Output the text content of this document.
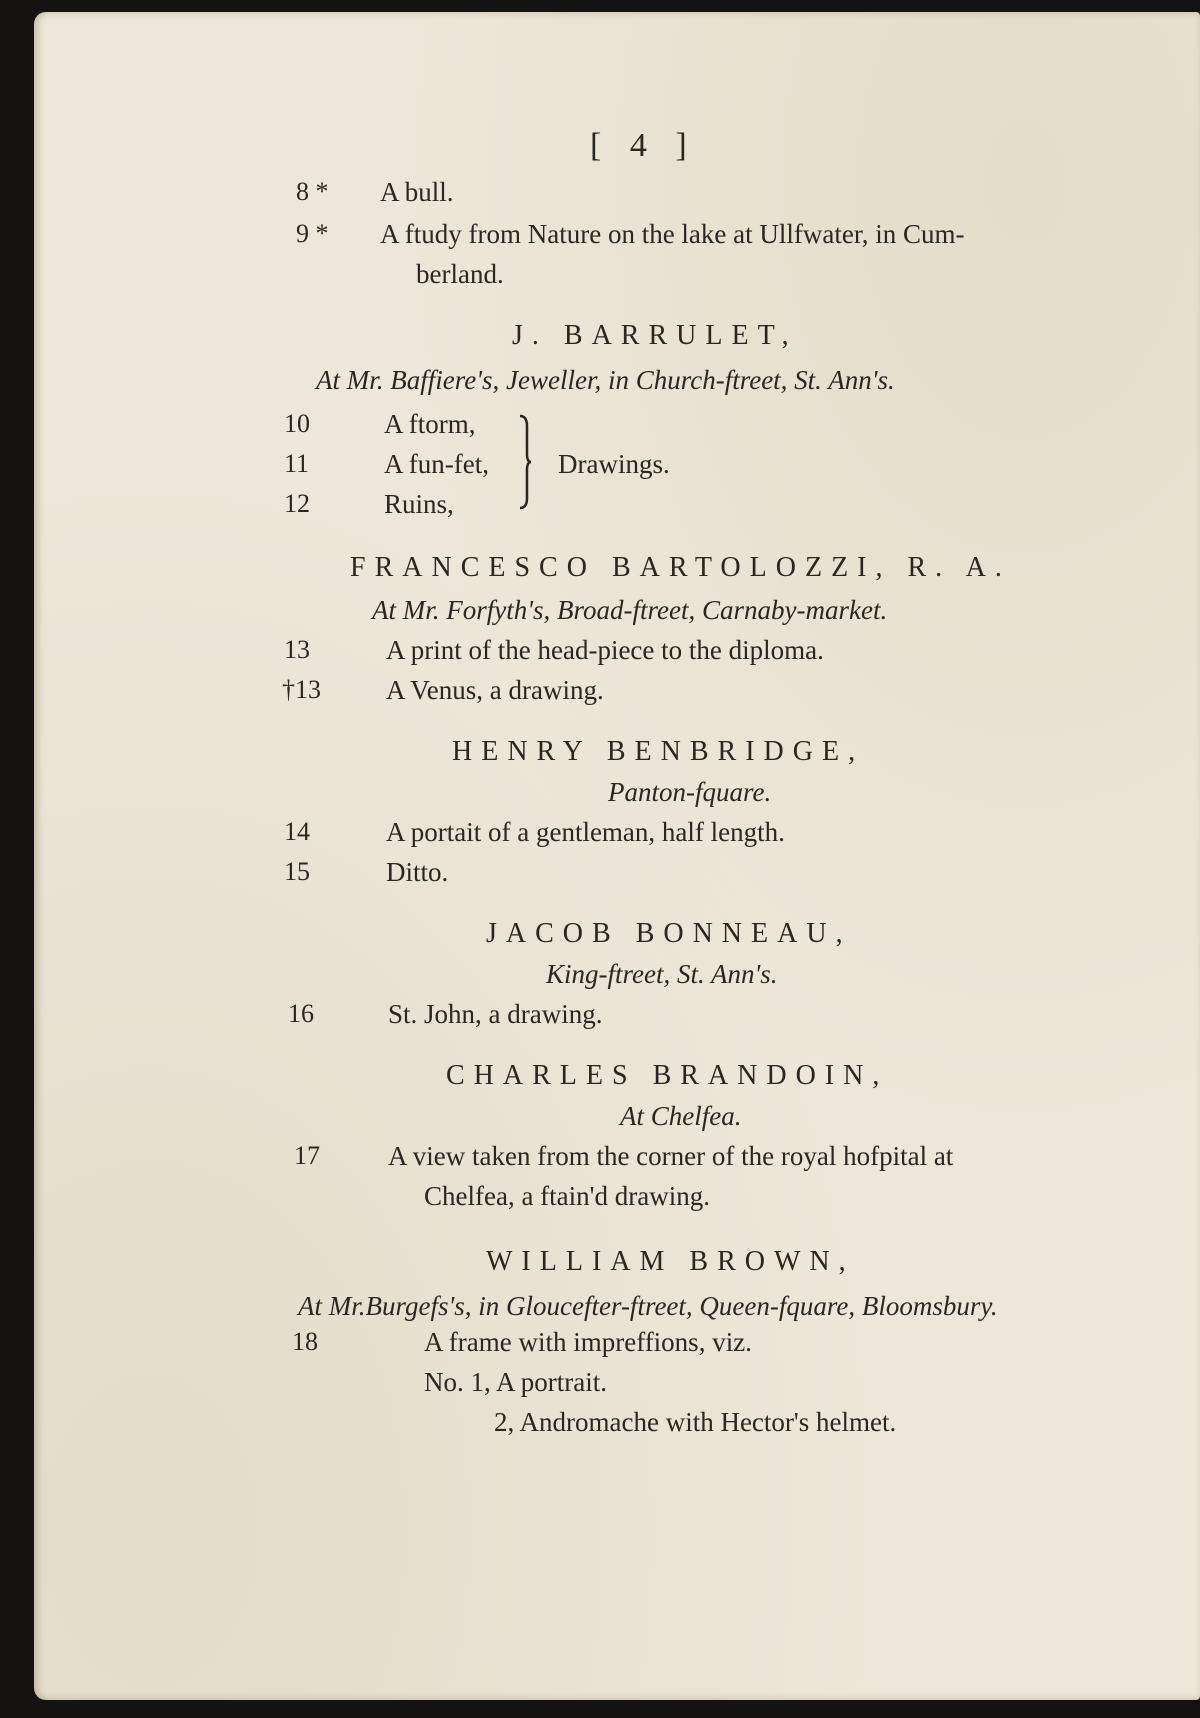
[ 4 ]
8 * A bull.
9 * A ftudy from Nature on the lake at Ullfwater, in Cum-
berland.
J. BARRULET,
At Mr. Baffiere's, Jeweller, in Church-ftreet, St. Ann's.
10	A ftorm,
11	A fun-fet,
12	Ruins,
Drawings.
FRANCESCO BARTOLOZZI, R. A.
At Mr. Forfyth's, Broad-ftreet, Carnaby-market.
13	A print of the head-piece to the diploma.
†13 A Venus, a drawing.
HENRY BENBRIDGE,
Panton-fquare.
14	A portait of a gentleman, half length.
15	Ditto.
JACOB BONNEAU,
King-ftreet, St. Ann's.
16	St. John, a drawing.
CHARLES BRANDOIN,
At Chelfea.
17	A view taken from the corner of the royal hofpital at
Chelfea, a ftain'd drawing.
WILLIAM BROWN,
At Mr.Burgefs's, in Gloucefter-ftreet, Queen-fquare, Bloomsbury.
18	A frame with impreffions, viz.
No. 1, A portrait.
2, Andromache with Hector's helmet.
